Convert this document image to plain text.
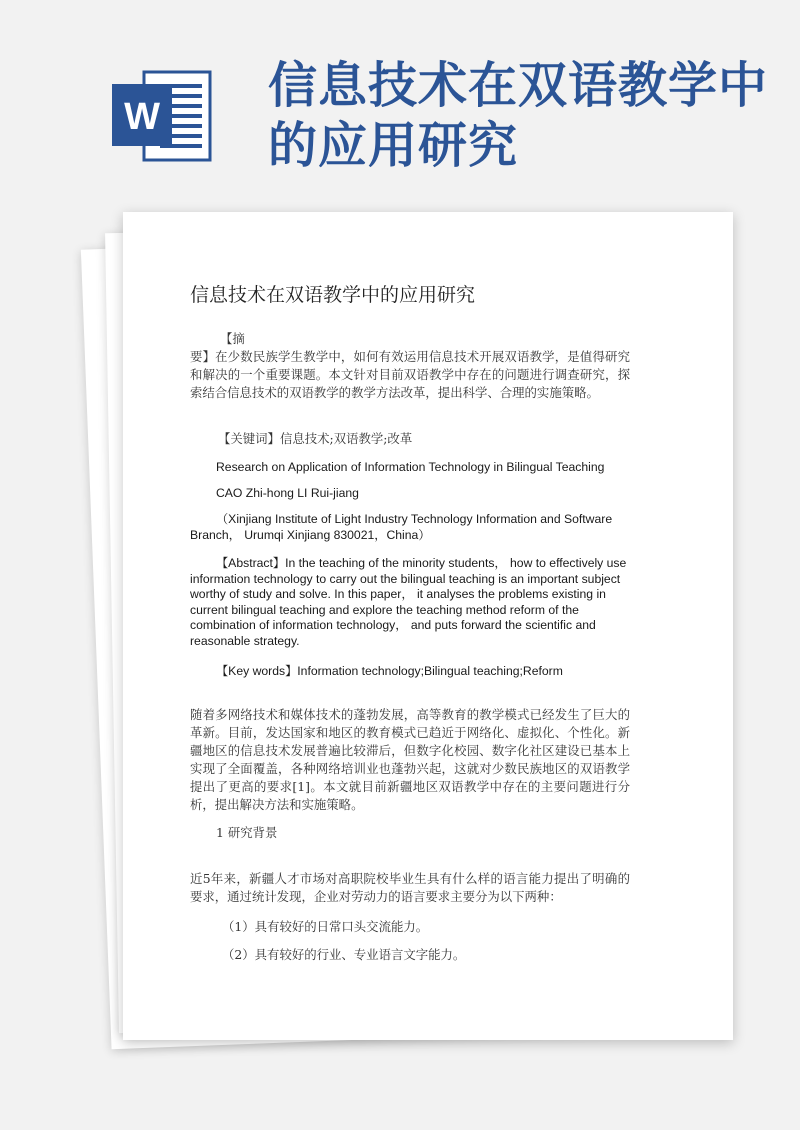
W
信息技术在双语教学中的应用研究
信息技术在双语教学中的应用研究
【摘
要】在少数民族学生教学中，如何有效运用信息技术开展双语教学，是值得研究和解决的一个重要课题。本文针对目前双语教学中存在的问题进行调查研究，探索结合信息技术的双语教学的教学方法改革，提出科学、合理的实施策略。
【关键词】信息技术;双语教学;改革
Research on Application of Information Technology in Bilingual Teaching
CAO Zhi-hong LI Rui-jiang
（Xinjiang Institute of Light Industry Technology Information and Software Branch， Urumqi Xinjiang 830021，China）
【Abstract】In the teaching of the minority students， how to effectively use information technology to carry out the bilingual teaching is an important subject worthy of study and solve. In this paper， it analyses the problems existing in current bilingual teaching and explore the teaching method reform of the combination of information technology， and puts forward the scientific and reasonable strategy.
【Key words】Information technology;Bilingual teaching;Reform
随着多网络技术和媒体技术的蓬勃发展，高等教育的教学模式已经发生了巨大的革新。目前，发达国家和地区的教育模式已趋近于网络化、虚拟化、个性化。新疆地区的信息技术发展普遍比较滞后，但数字化校园、数字化社区建设已基本上实现了全面覆盖，各种网络培训业也蓬勃兴起，这就对少数民族地区的双语教学提出了更高的要求[1]。本文就目前新疆地区双语教学中存在的主要问题进行分析，提出解决方法和实施策略。
1 研究背景
近5年来，新疆人才市场对高职院校毕业生具有什么样的语言能力提出了明确的要求，通过统计发现，企业对劳动力的语言要求主要分为以下两种：
（1）具有较好的日常口头交流能力。
（2）具有较好的行业、专业语言文字能力。
